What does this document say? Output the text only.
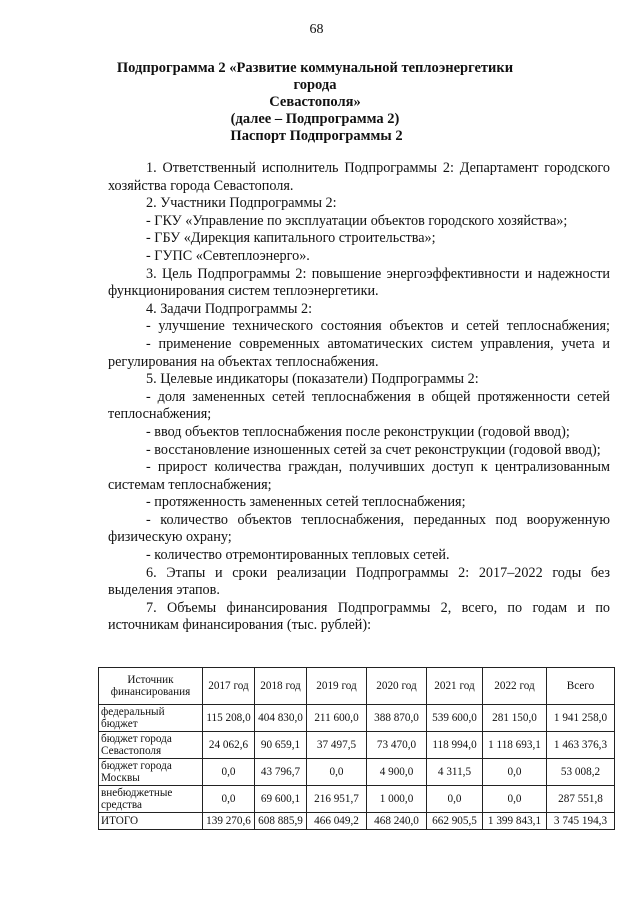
68
Подпрограмма 2 «Развитие коммунальной теплоэнергетики города
Севастополя»
(далее – Подпрограмма 2)
Паспорт Подпрограммы 2

1. Ответственный исполнитель Подпрограммы 2: Департамент городского хозяйства города Севастополя.

2. Участники Подпрограммы 2:

- ГКУ «Управление по эксплуатации объектов городского хозяйства»;

- ГБУ «Дирекция капитального строительства»;

- ГУПС «Севтеплоэнерго».

3. Цель Подпрограммы 2: повышение энергоэффективности и надежности функционирования систем теплоэнергетики.

4. Задачи Подпрограммы 2:

- улучшение технического состояния объектов и сетей теплоснабжения;

- применение современных автоматических систем управления, учета и регулирования на объектах теплоснабжения.

5. Целевые индикаторы (показатели) Подпрограммы 2:

- доля замененных сетей теплоснабжения в общей протяженности сетей теплоснабжения;

- ввод объектов теплоснабжения после реконструкции (годовой ввод);

- восстановление изношенных сетей за счет реконструкции (годовой ввод);

- прирост количества граждан, получивших доступ к централизованным системам теплоснабжения;

- протяженность замененных сетей теплоснабжения;

- количество объектов теплоснабжения, переданных под вооруженную физическую охрану;

- количество отремонтированных тепловых сетей.

6. Этапы и сроки реализации Подпрограммы 2: 2017–2022 годы без выделения этапов.

7. Объемы финансирования Подпрограммы 2, всего, по годам и по источникам финансирования (тыс. рублей):

Источник финансирования	2017 год	2018 год	2019 год	2020 год	2021 год	2022 год	Всего
федеральный бюджет	115 208,0	404 830,0	211 600,0	388 870,0	539 600,0	281 150,0	1 941 258,0
бюджет города Севастополя	24 062,6	90 659,1	37 497,5	73 470,0	118 994,0	1 118 693,1	1 463 376,3
бюджет города Москвы	0,0	43 796,7	0,0	4 900,0	4 311,5	0,0	53 008,2
внебюджетные средства	0,0	69 600,1	216 951,7	1 000,0	0,0	0,0	287 551,8
ИТОГО	139 270,6	608 885,9	466 049,2	468 240,0	662 905,5	1 399 843,1	3 745 194,3
